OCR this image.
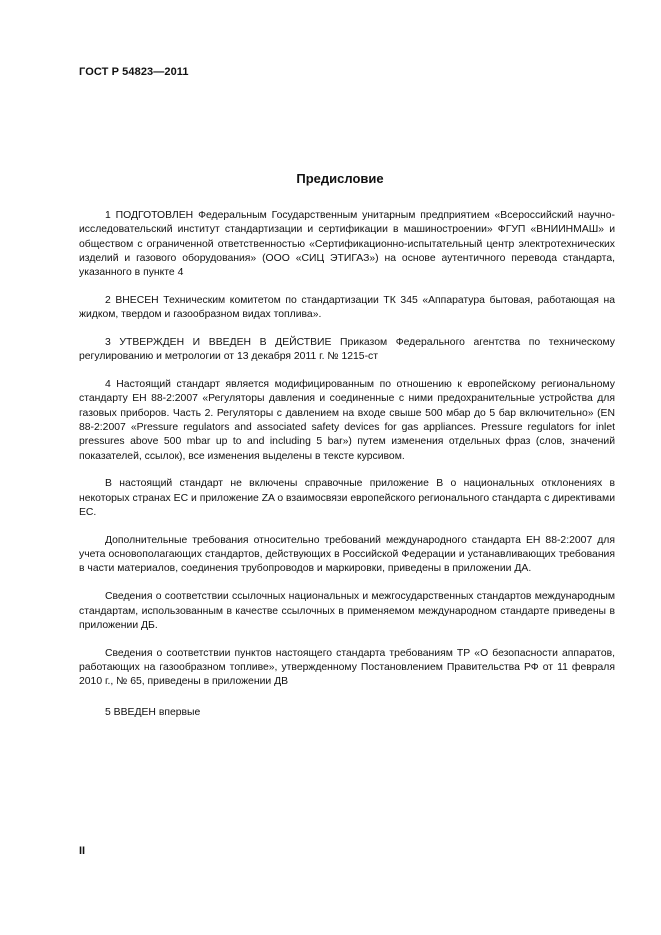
ГОСТ Р 54823—2011
Предисловие

1 ПОДГОТОВЛЕН Федеральным Государственным унитарным предприятием «Всероссийский научно-исследовательский институт стандартизации и сертификации в машиностроении» ФГУП «ВНИИНМАШ» и обществом с ограниченной ответственностью «Сертификационно-испытательный центр электротехнических изделий и газового оборудования» (ООО «СИЦ ЭТИГАЗ») на основе аутентичного перевода стандарта, указанного в пункте 4

2 ВНЕСЕН Техническим комитетом по стандартизации ТК 345 «Аппаратура бытовая, работающая на жидком, твердом и газообразном видах топлива».

3 УТВЕРЖДЕН И ВВЕДЕН В ДЕЙСТВИЕ Приказом Федерального агентства по техническому регулированию и метрологии от 13 декабря 2011 г. № 1215-ст

4 Настоящий стандарт является модифицированным по отношению к европейскому региональному стандарту ЕН 88-2:2007 «Регуляторы давления и соединенные с ними предохранительные устройства для газовых приборов. Часть 2. Регуляторы с давлением на входе свыше 500 мбар до 5 бар включительно» (EN 88-2:2007 «Pressure regulators and associated safety devices for gas appliances. Pressure regulators for inlet pressures above 500 mbar up to and including 5 bar») путем изменения отдельных фраз (слов, значений показателей, ссылок), все изменения выделены в тексте курсивом.

В настоящий стандарт не включены справочные приложение В о национальных отклонениях в некоторых странах ЕС и приложение ZA о взаимосвязи европейского регионального стандарта с директивами ЕС.

Дополнительные требования относительно требований международного стандарта ЕН 88-2:2007 для учета основополагающих стандартов, действующих в Российской Федерации и устанавливающих требования в части материалов, соединения трубопроводов и маркировки, приведены в приложении ДА.

Сведения о соответствии ссылочных национальных и межгосударственных стандартов международным стандартам, использованным в качестве ссылочных в применяемом международном стандарте приведены в приложении ДБ.

Сведения о соответствии пунктов настоящего стандарта требованиям ТР «О безопасности аппаратов, работающих на газообразном топливе», утвержденному Постановлением Правительства РФ от 11 февраля 2010 г., № 65, приведены в приложении ДВ

5 ВВЕДЕН впервые

II
